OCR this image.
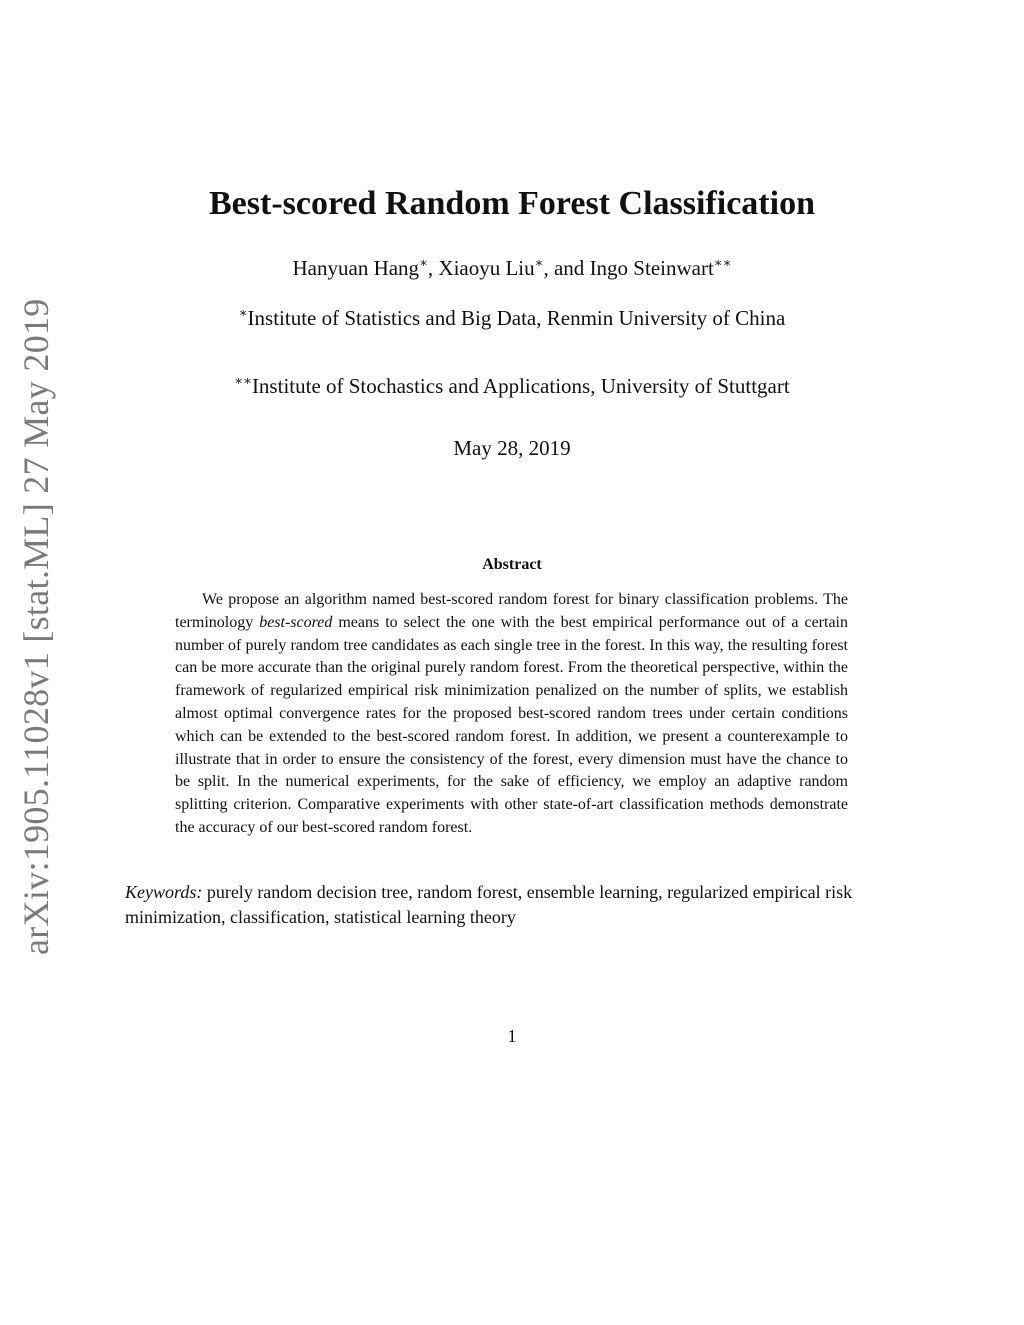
arXiv:1905.11028v1 [stat.ML] 27 May 2019
Best-scored Random Forest Classification
Hanyuan Hang∗, Xiaoyu Liu∗, and Ingo Steinwart∗∗
∗Institute of Statistics and Big Data, Renmin University of China
∗∗Institute of Stochastics and Applications, University of Stuttgart
May 28, 2019
Abstract

We propose an algorithm named best-scored random forest for binary classification problems. The terminology best-scored means to select the one with the best empirical performance out of a certain number of purely random tree candidates as each single tree in the forest. In this way, the resulting forest can be more accurate than the original purely random forest. From the theoretical perspective, within the framework of regularized empirical risk minimization penalized on the number of splits, we establish almost optimal convergence rates for the proposed best-scored random trees under certain conditions which can be extended to the best-scored random forest. In addition, we present a counterexample to illustrate that in order to ensure the consistency of the forest, every dimension must have the chance to be split. In the numerical experiments, for the sake of efficiency, we employ an adaptive random splitting criterion. Comparative experiments with other state-of-art classification methods demonstrate the accuracy of our best-scored random forest.

Keywords: purely random decision tree, random forest, ensemble learning, regularized empirical risk minimization, classification, statistical learning theory

1
